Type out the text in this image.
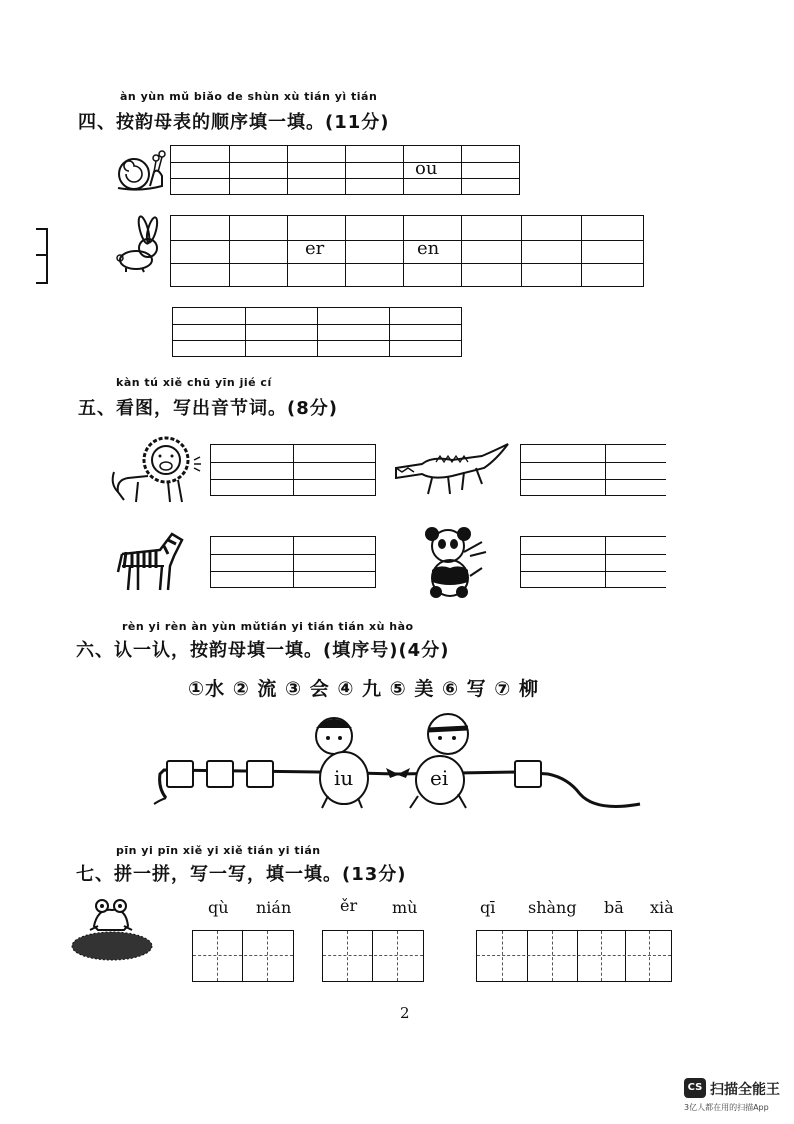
àn yùn mǔ biǎo de shùn xù tián yì tián
四、按韵母表的顺序填一填。(11分)
ou
er	en
kàn tú xiě chū yīn jié cí
五、看图，写出音节词。(8分)
rèn yi rèn àn yùn mǔtián yi tián tián xù hào
六、认一认，按韵母填一填。(填序号)(4分)
①水 ② 流 ③ 会 ④ 九 ⑤ 美 ⑥ 写 ⑦ 柳
iu	ei
pīn yi pīn xiě yi xiě tián yi tián
七、拼一拼，写一写，填一填。(13分)
qù nián	ěr mù	qī shàng bā xià
2
CS 扫描全能王
3亿人都在用的扫描App
